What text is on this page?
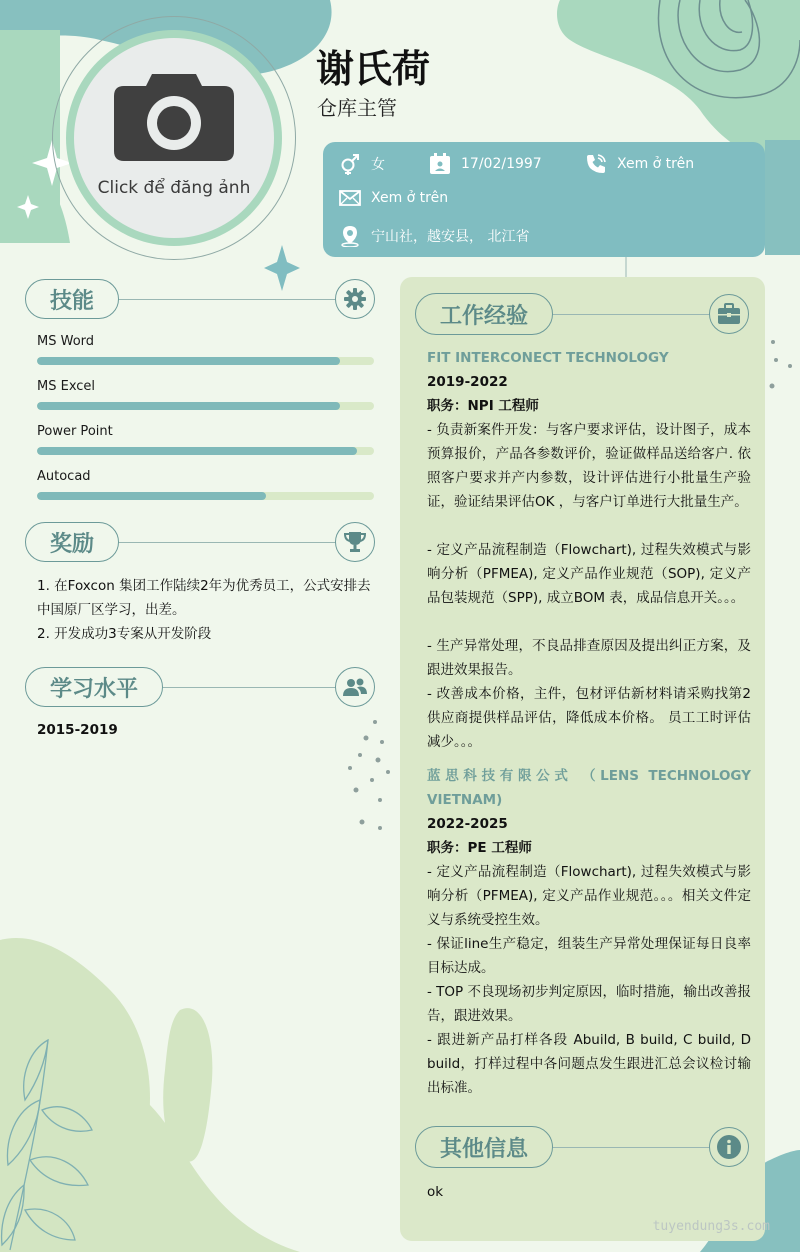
Click để đăng ảnh
谢氏荷
仓库主管
女	17/02/1997	Xem ở trên
Xem ở trên
宁山社，越安县， 北江省
技能
MS Word
MS Excel
Power Point
Autocad
奖励
1. 在Foxcon 集团工作陆续2年为优秀员工，公式安排去中国原厂区学习，出差。
2. 开发成功3专案从开发阶段
学习水平
2015-2019
工作经验
FIT INTERCONECT TECHNOLOGY
2019-2022
职务：NPI 工程师
- 负责新案件开发：与客户要求评估，设计图子，成本预算报价，产品各参数评价，验证做样品送给客户. 依照客户要求并产内参数，设计评估进行小批量生产验证，验证结果评估OK ，与客户订单进行大批量生产。
- 定义产品流程制造（Flowchart), 过程失效模式与影响分析（PFMEA), 定义产品作业规范（SOP), 定义产品包装规范（SPP), 成立BOM 表，成品信息开关。。。
- 生产异常处理，不良品排查原因及提出纠正方案，及跟进效果报告。
- 改善成本价格，主件，包材评估新材料请采购找第2 供应商提供样品评估，降低成本价格。 员工工时评估减少。。。
蓝思科技有限公式 （LENS TECHNOLOGY VIETNAM)
2022-2025
职务：PE 工程师
- 定义产品流程制造（Flowchart), 过程失效模式与影响分析（PFMEA), 定义产品作业规范。。。相关文件定义与系统受控生效。
- 保证line生产稳定，组装生产异常处理保证每日良率目标达成。
- TOP 不良现场初步判定原因，临时措施，输出改善报告，跟进效果。
- 跟进新产品打样各段 Abuild, B build, C build, D build，打样过程中各问题点发生跟进汇总会议检讨输出标准。
其他信息
ok
tuyendung3s.com
